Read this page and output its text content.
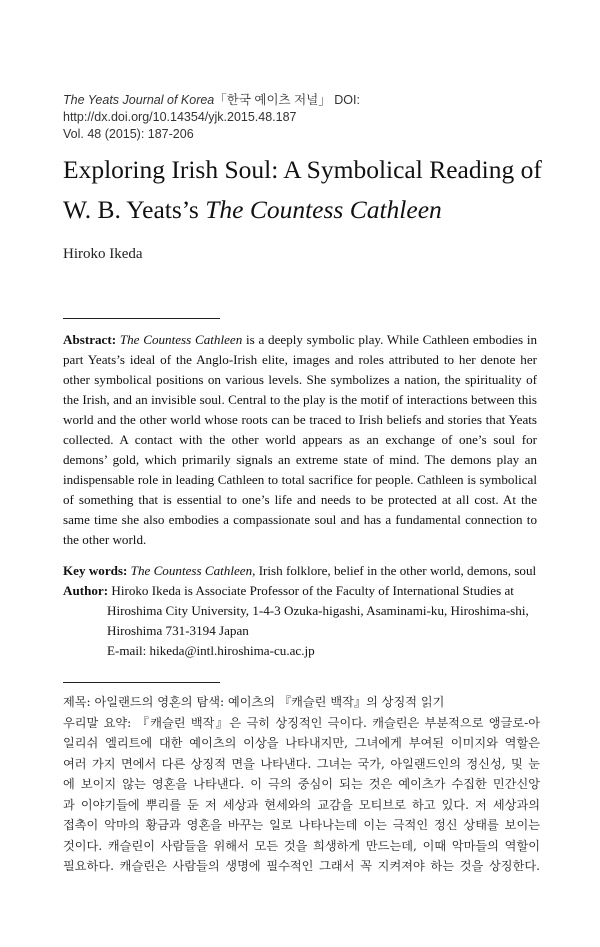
The Yeats Journal of Korea「한국 예이츠 저널」 DOI: http://dx.doi.org/10.14354/yjk.2015.48.187
Vol. 48 (2015): 187-206
Exploring Irish Soul: A Symbolical Reading of W. B. Yeats’s The Countess Cathleen
Hiroko Ikeda
Abstract: The Countess Cathleen is a deeply symbolic play. While Cathleen embodies in part Yeats’s ideal of the Anglo-Irish elite, images and roles attributed to her denote her other symbolical positions on various levels. She symbolizes a nation, the spirituality of the Irish, and an invisible soul. Central to the play is the motif of interactions between this world and the other world whose roots can be traced to Irish beliefs and stories that Yeats collected. A contact with the other world appears as an exchange of one’s soul for demons’ gold, which primarily signals an extreme state of mind. The demons play an indispensable role in leading Cathleen to total sacrifice for people. Cathleen is symbolical of something that is essential to one’s life and needs to be protected at all cost. At the same time she also embodies a compassionate soul and has a fundamental connection to the other world.
Key words: The Countess Cathleen, Irish folklore, belief in the other world, demons, soul
Author: Hiroko Ikeda is Associate Professor of the Faculty of International Studies at
Hiroshima City University, 1-4-3 Ozuka-higashi, Asaminami-ku, Hiroshima-shi,
Hiroshima 731-3194 Japan
E-mail: hikeda@intl.hiroshima-cu.ac.jp
제목: 아일랜드의 영혼의 탐색: 예이츠의 『캐슬린 백작』의 상징적 읽기
우리말 요약: 『캐슬린 백작』은 극히 상징적인 극이다. 캐슬린은 부분적으로 앵글로-아
일리쉬 엘리트에 대한 예이츠의 이상을 나타내지만, 그녀에게 부여된 이미지와 역할은
여러 가지 면에서 다른 상징적 면을 나타낸다. 그녀는 국가, 아일랜드인의 정신성, 및 눈
에 보이지 않는 영혼을 나타낸다. 이 극의 중심이 되는 것은 예이츠가 수집한 민간신앙
과 이야기들에 뿌리를 둔 저 세상과 현세와의 교감을 모티브로 하고 있다. 저 세상과의
접촉이 악마의 황금과 영혼을 바꾸는 일로 나타나는데 이는 극적인 정신 상태를 보이는
것이다. 캐슬린이 사람들을 위해서 모든 것을 희생하게 만드는데, 이때 악마들의 역할이
필요하다. 캐슬린은 사람들의 생명에 필수적인 그래서 꼭 지켜져야 하는 것을 상징한다.
